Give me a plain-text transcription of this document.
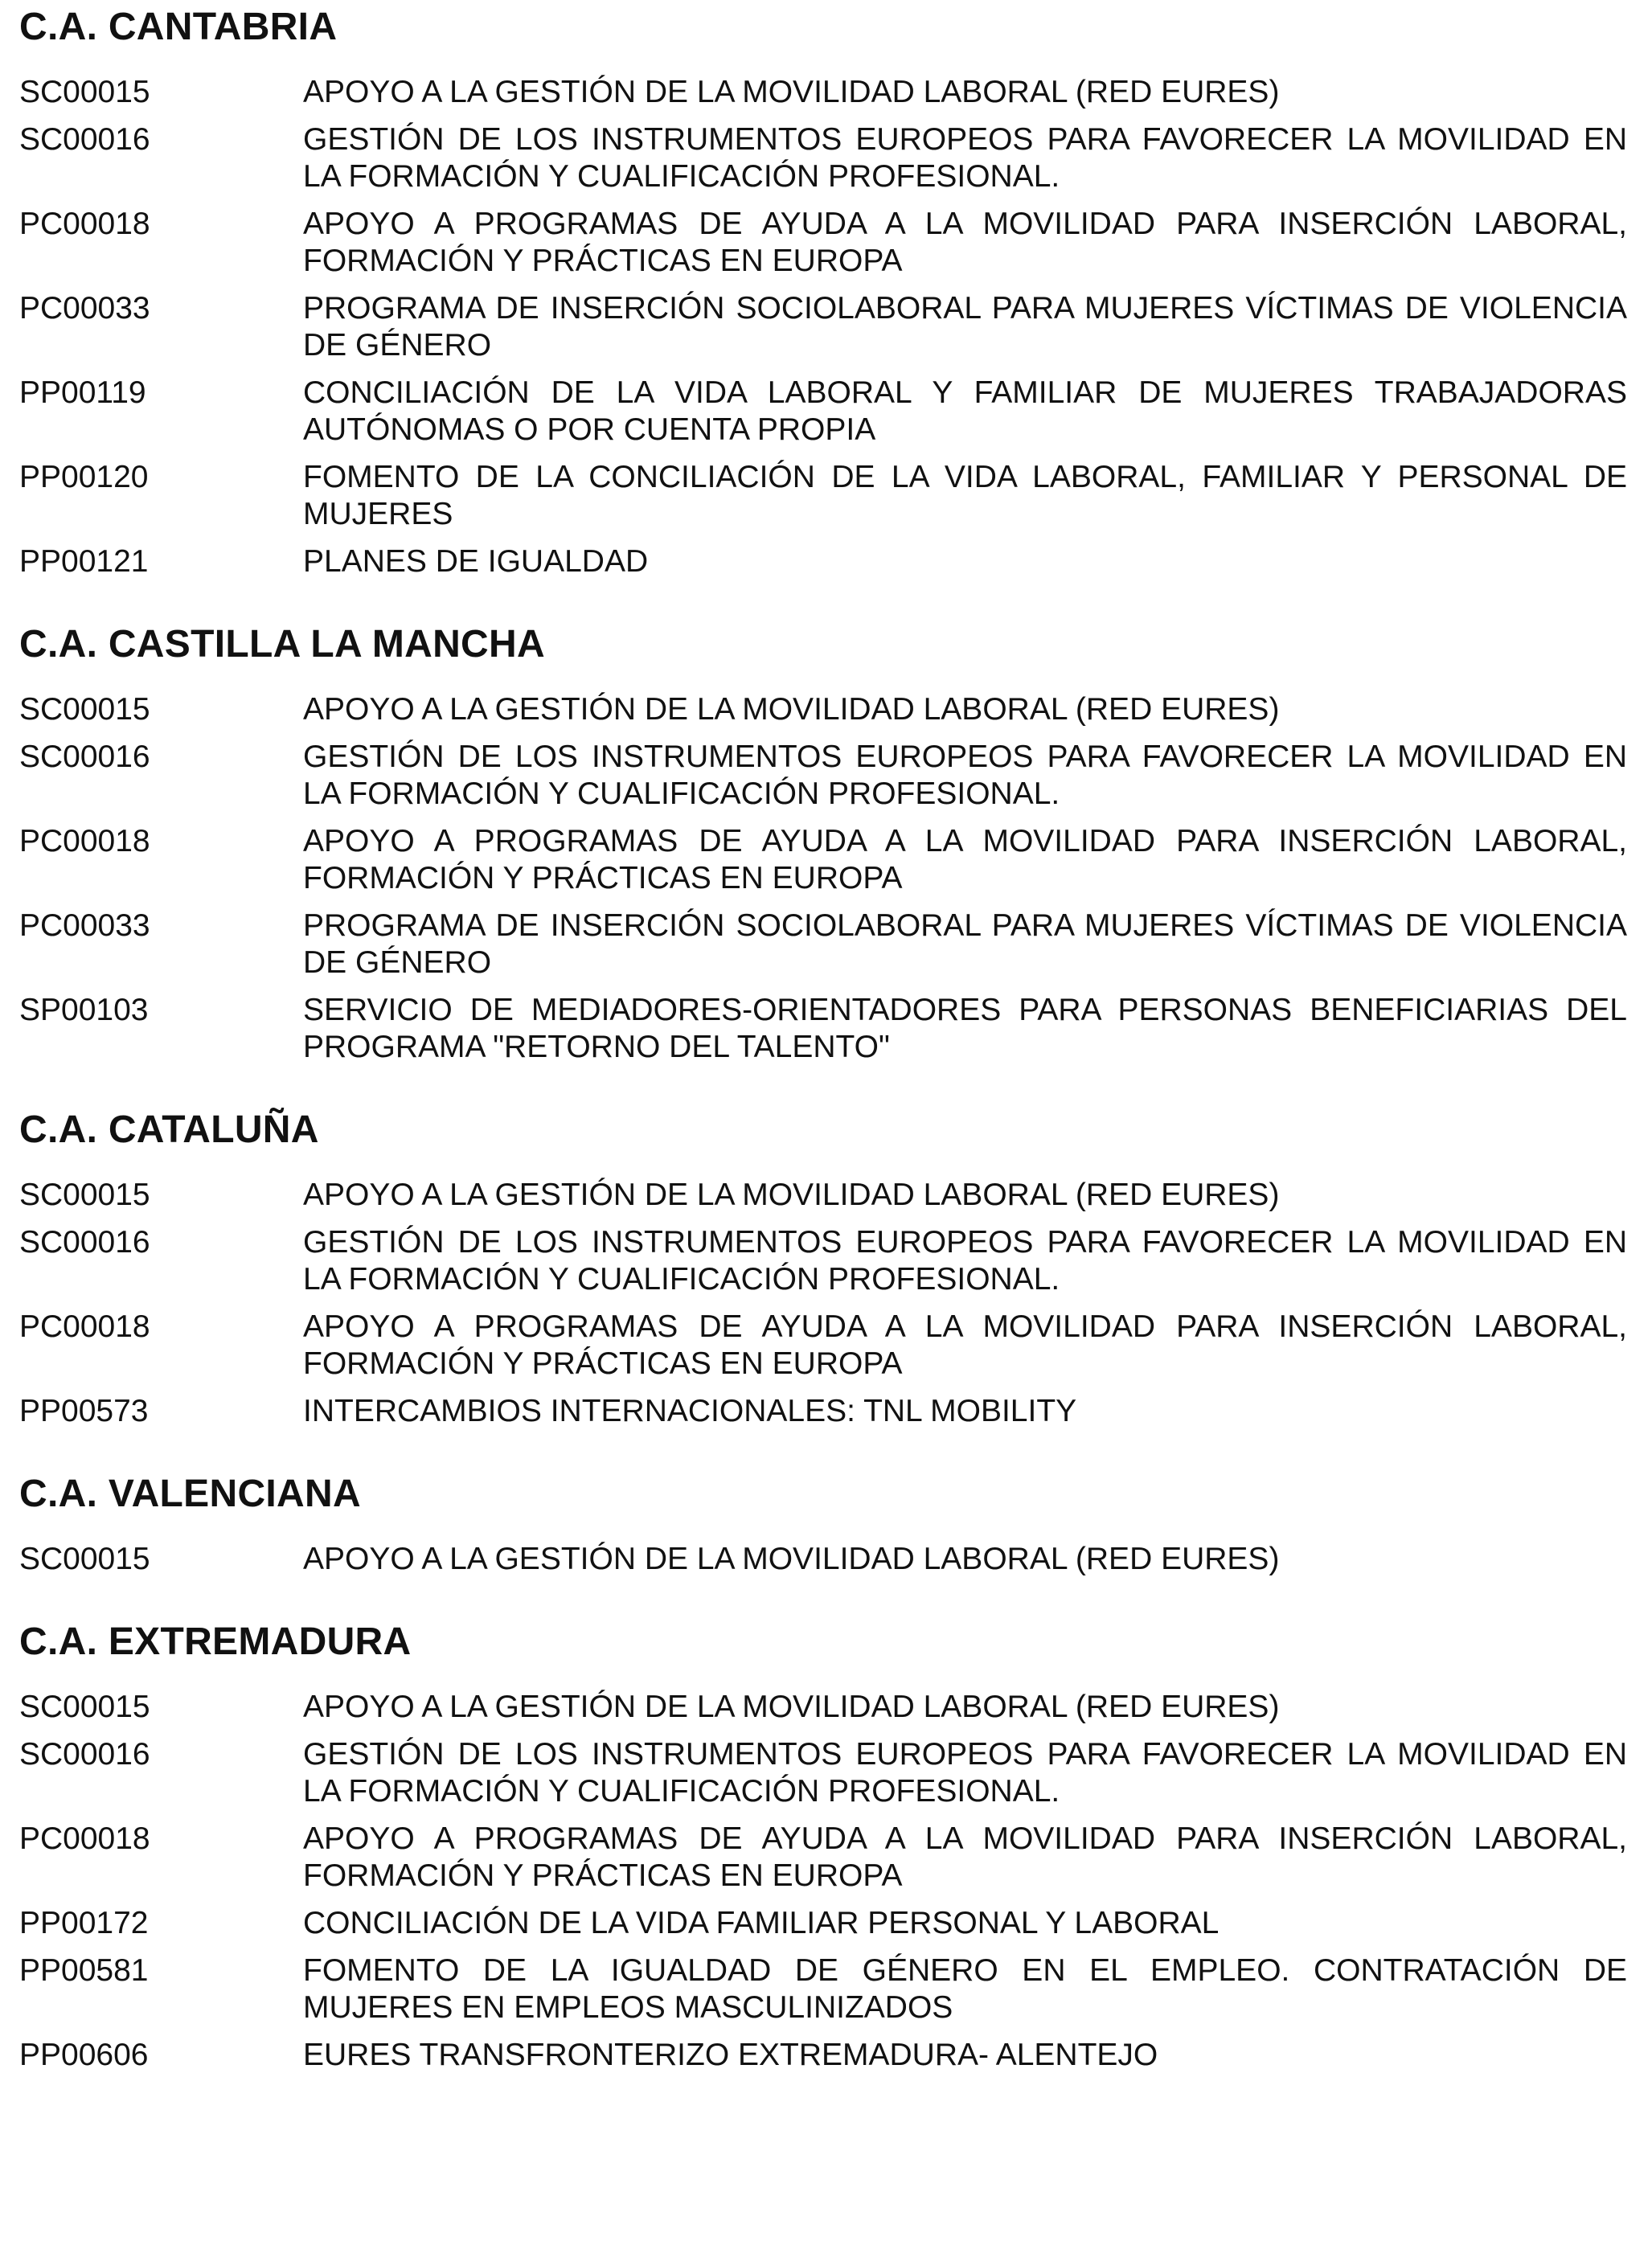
C.A. CANTABRIA
SC00015	APOYO A LA GESTIÓN DE LA MOVILIDAD LABORAL (RED EURES)
SC00016	GESTIÓN DE LOS INSTRUMENTOS EUROPEOS PARA FAVORECER LA MOVILIDAD EN LA FORMACIÓN Y CUALIFICACIÓN PROFESIONAL.
PC00018	APOYO A PROGRAMAS DE AYUDA A LA MOVILIDAD PARA INSERCIÓN LABORAL, FORMACIÓN Y PRÁCTICAS EN EUROPA
PC00033	PROGRAMA DE INSERCIÓN SOCIOLABORAL PARA MUJERES VÍCTIMAS DE VIOLENCIA DE GÉNERO
PP00119	CONCILIACIÓN DE LA VIDA LABORAL Y FAMILIAR DE MUJERES TRABAJADORAS AUTÓNOMAS O POR CUENTA PROPIA
PP00120	FOMENTO DE LA CONCILIACIÓN DE LA VIDA LABORAL, FAMILIAR Y PERSONAL DE MUJERES
PP00121	PLANES DE IGUALDAD
C.A. CASTILLA LA MANCHA
SC00015	APOYO A LA GESTIÓN DE LA MOVILIDAD LABORAL (RED EURES)
SC00016	GESTIÓN DE LOS INSTRUMENTOS EUROPEOS PARA FAVORECER LA MOVILIDAD EN LA FORMACIÓN Y CUALIFICACIÓN PROFESIONAL.
PC00018	APOYO A PROGRAMAS DE AYUDA A LA MOVILIDAD PARA INSERCIÓN LABORAL, FORMACIÓN Y PRÁCTICAS EN EUROPA
PC00033	PROGRAMA DE INSERCIÓN SOCIOLABORAL PARA MUJERES VÍCTIMAS DE VIOLENCIA DE GÉNERO
SP00103	SERVICIO DE MEDIADORES-ORIENTADORES PARA PERSONAS BENEFICIARIAS DEL PROGRAMA "RETORNO DEL TALENTO"
C.A. CATALUÑA
SC00015	APOYO A LA GESTIÓN DE LA MOVILIDAD LABORAL (RED EURES)
SC00016	GESTIÓN DE LOS INSTRUMENTOS EUROPEOS PARA FAVORECER LA MOVILIDAD EN LA FORMACIÓN Y CUALIFICACIÓN PROFESIONAL.
PC00018	APOYO A PROGRAMAS DE AYUDA A LA MOVILIDAD PARA INSERCIÓN LABORAL, FORMACIÓN Y PRÁCTICAS EN EUROPA
PP00573	INTERCAMBIOS INTERNACIONALES: TNL MOBILITY
C.A. VALENCIANA
SC00015	APOYO A LA GESTIÓN DE LA MOVILIDAD LABORAL (RED EURES)
C.A. EXTREMADURA
SC00015	APOYO A LA GESTIÓN DE LA MOVILIDAD LABORAL (RED EURES)
SC00016	GESTIÓN DE LOS INSTRUMENTOS EUROPEOS PARA FAVORECER LA MOVILIDAD EN LA FORMACIÓN Y CUALIFICACIÓN PROFESIONAL.
PC00018	APOYO A PROGRAMAS DE AYUDA A LA MOVILIDAD PARA INSERCIÓN LABORAL, FORMACIÓN Y PRÁCTICAS EN EUROPA
PP00172	CONCILIACIÓN DE LA VIDA FAMILIAR PERSONAL Y LABORAL
PP00581	FOMENTO DE LA IGUALDAD DE GÉNERO EN EL EMPLEO. CONTRATACIÓN DE MUJERES EN EMPLEOS MASCULINIZADOS
PP00606	EURES TRANSFRONTERIZO EXTREMADURA- ALENTEJO
